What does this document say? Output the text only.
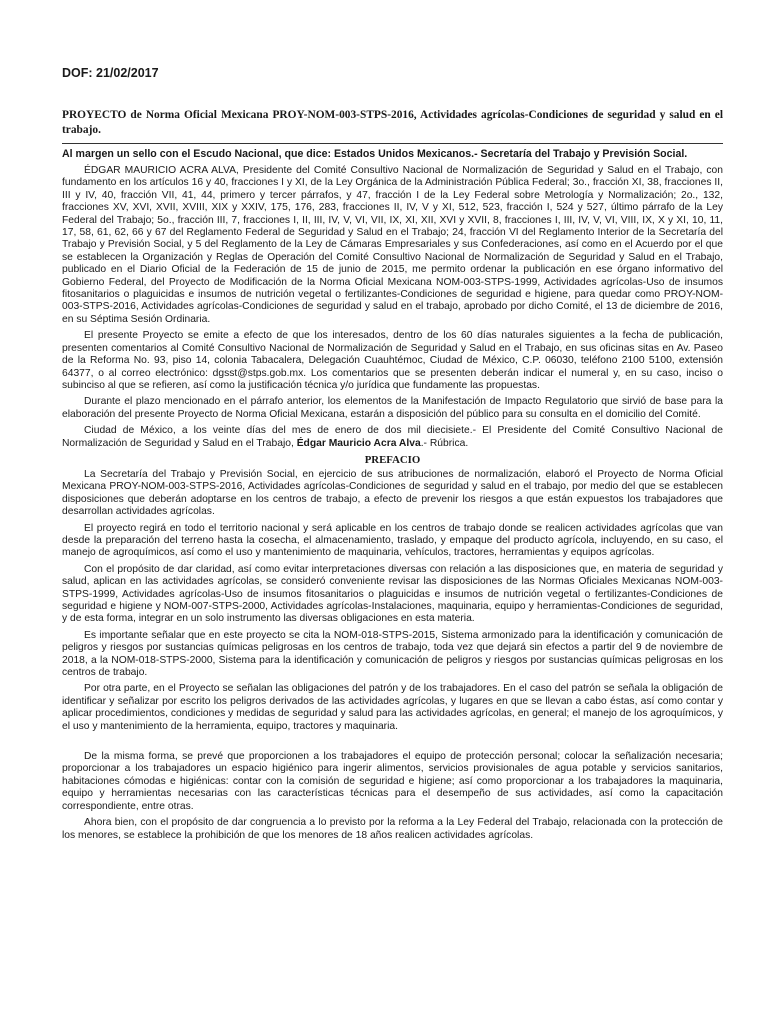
DOF: 21/02/2017

PROYECTO de Norma Oficial Mexicana PROY-NOM-003-STPS-2016, Actividades agrícolas-Condiciones de seguridad y salud en el trabajo.

Al margen un sello con el Escudo Nacional, que dice: Estados Unidos Mexicanos.- Secretaría del Trabajo y Previsión Social.

ÉDGAR MAURICIO ACRA ALVA, Presidente del Comité Consultivo Nacional de Normalización de Seguridad y Salud en el Trabajo, con fundamento en los artículos 16 y 40, fracciones I y XI, de la Ley Orgánica de la Administración Pública Federal; 3o., fracción XI, 38, fracciones II, III y IV, 40, fracción VII, 41, 44, primero y tercer párrafos, y 47, fracción I de la Ley Federal sobre Metrología y Normalización; 2o., 132, fracciones XV, XVI, XVII, XVIII, XIX y XXIV, 175, 176, 283, fracciones II, IV, V y XI, 512, 523, fracción I, 524 y 527, último párrafo de la Ley Federal del Trabajo; 5o., fracción III, 7, fracciones I, II, III, IV, V, VI, VII, IX, XI, XII, XVI y XVII, 8, fracciones I, III, IV, V, VI, VIII, IX, X y XI, 10, 11, 17, 58, 61, 62, 66 y 67 del Reglamento Federal de Seguridad y Salud en el Trabajo; 24, fracción VI del Reglamento Interior de la Secretaría del Trabajo y Previsión Social, y 5 del Reglamento de la Ley de Cámaras Empresariales y sus Confederaciones, así como en el Acuerdo por el que se establecen la Organización y Reglas de Operación del Comité Consultivo Nacional de Normalización de Seguridad y Salud en el Trabajo, publicado en el Diario Oficial de la Federación de 15 de junio de 2015, me permito ordenar la publicación en ese órgano informativo del Gobierno Federal, del Proyecto de Modificación de la Norma Oficial Mexicana NOM-003-STPS-1999, Actividades agrícolas-Uso de insumos fitosanitarios o plaguicidas e insumos de nutrición vegetal o fertilizantes-Condiciones de seguridad e higiene, para quedar como PROY-NOM-003-STPS-2016, Actividades agrícolas-Condiciones de seguridad y salud en el trabajo, aprobado por dicho Comité, el 13 de diciembre de 2016, en su Séptima Sesión Ordinaria.

El presente Proyecto se emite a efecto de que los interesados, dentro de los 60 días naturales siguientes a la fecha de publicación, presenten comentarios al Comité Consultivo Nacional de Normalización de Seguridad y Salud en el Trabajo, en sus oficinas sitas en Av. Paseo de la Reforma No. 93, piso 14, colonia Tabacalera, Delegación Cuauhtémoc, Ciudad de México, C.P. 06030, teléfono 2100 5100, extensión 64377, o al correo electrónico: dgsst@stps.gob.mx. Los comentarios que se presenten deberán indicar el numeral y, en su caso, inciso o subinciso al que se refieren, así como la justificación técnica y/o jurídica que fundamente las propuestas.

Durante el plazo mencionado en el párrafo anterior, los elementos de la Manifestación de Impacto Regulatorio que sirvió de base para la elaboración del presente Proyecto de Norma Oficial Mexicana, estarán a disposición del público para su consulta en el domicilio del Comité.

Ciudad de México, a los veinte días del mes de enero de dos mil diecisiete.- El Presidente del Comité Consultivo Nacional de Normalización de Seguridad y Salud en el Trabajo, Édgar Mauricio Acra Alva.- Rúbrica.

PREFACIO

La Secretaría del Trabajo y Previsión Social, en ejercicio de sus atribuciones de normalización, elaboró el Proyecto de Norma Oficial Mexicana PROY-NOM-003-STPS-2016, Actividades agrícolas-Condiciones de seguridad y salud en el trabajo, por medio del que se establecen disposiciones que deberán adoptarse en los centros de trabajo, a efecto de prevenir los riesgos a que están expuestos los trabajadores que desarrollan actividades agrícolas.

El proyecto regirá en todo el territorio nacional y será aplicable en los centros de trabajo donde se realicen actividades agrícolas que van desde la preparación del terreno hasta la cosecha, el almacenamiento, traslado, y empaque del producto agrícola, incluyendo, en su caso, el manejo de agroquímicos, así como el uso y mantenimiento de maquinaria, vehículos, tractores, herramientas y equipos agrícolas.

Con el propósito de dar claridad, así como evitar interpretaciones diversas con relación a las disposiciones que, en materia de seguridad y salud, aplican en las actividades agrícolas, se consideró conveniente revisar las disposiciones de las Normas Oficiales Mexicanas NOM-003-STPS-1999, Actividades agrícolas-Uso de insumos fitosanitarios o plaguicidas e insumos de nutrición vegetal o fertilizantes-Condiciones de seguridad e higiene y NOM-007-STPS-2000, Actividades agrícolas-Instalaciones, maquinaria, equipo y herramientas-Condiciones de seguridad, y de esta forma, integrar en un solo instrumento las diversas obligaciones en esta materia.

Es importante señalar que en este proyecto se cita la NOM-018-STPS-2015, Sistema armonizado para la identificación y comunicación de peligros y riesgos por sustancias químicas peligrosas en los centros de trabajo, toda vez que dejará sin efectos a partir del 9 de noviembre de 2018, a la NOM-018-STPS-2000, Sistema para la identificación y comunicación de peligros y riesgos por sustancias químicas peligrosas en los centros de trabajo.

Por otra parte, en el Proyecto se señalan las obligaciones del patrón y de los trabajadores. En el caso del patrón se señala la obligación de identificar y señalizar por escrito los peligros derivados de las actividades agrícolas, y lugares en que se llevan a cabo éstas, así como contar y aplicar procedimientos, condiciones y medidas de seguridad y salud para las actividades agrícolas, en general; el manejo de los agroquímicos, y el uso y mantenimiento de la herramienta, equipo, tractores y maquinaria.

De la misma forma, se prevé que proporcionen a los trabajadores el equipo de protección personal; colocar la señalización necesaria; proporcionar a los trabajadores un espacio higiénico para ingerir alimentos, servicios provisionales de agua potable y servicios sanitarios, habitaciones cómodas e higiénicas: contar con la comisión de seguridad e higiene; así como proporcionar a los trabajadores la maquinaria, equipo y herramientas necesarias con las características técnicas para el desempeño de sus actividades, así como la capacitación correspondiente, entre otras.

Ahora bien, con el propósito de dar congruencia a lo previsto por la reforma a la Ley Federal del Trabajo, relacionada con la protección de los menores, se establece la prohibición de que los menores de 18 años realicen actividades agrícolas.
